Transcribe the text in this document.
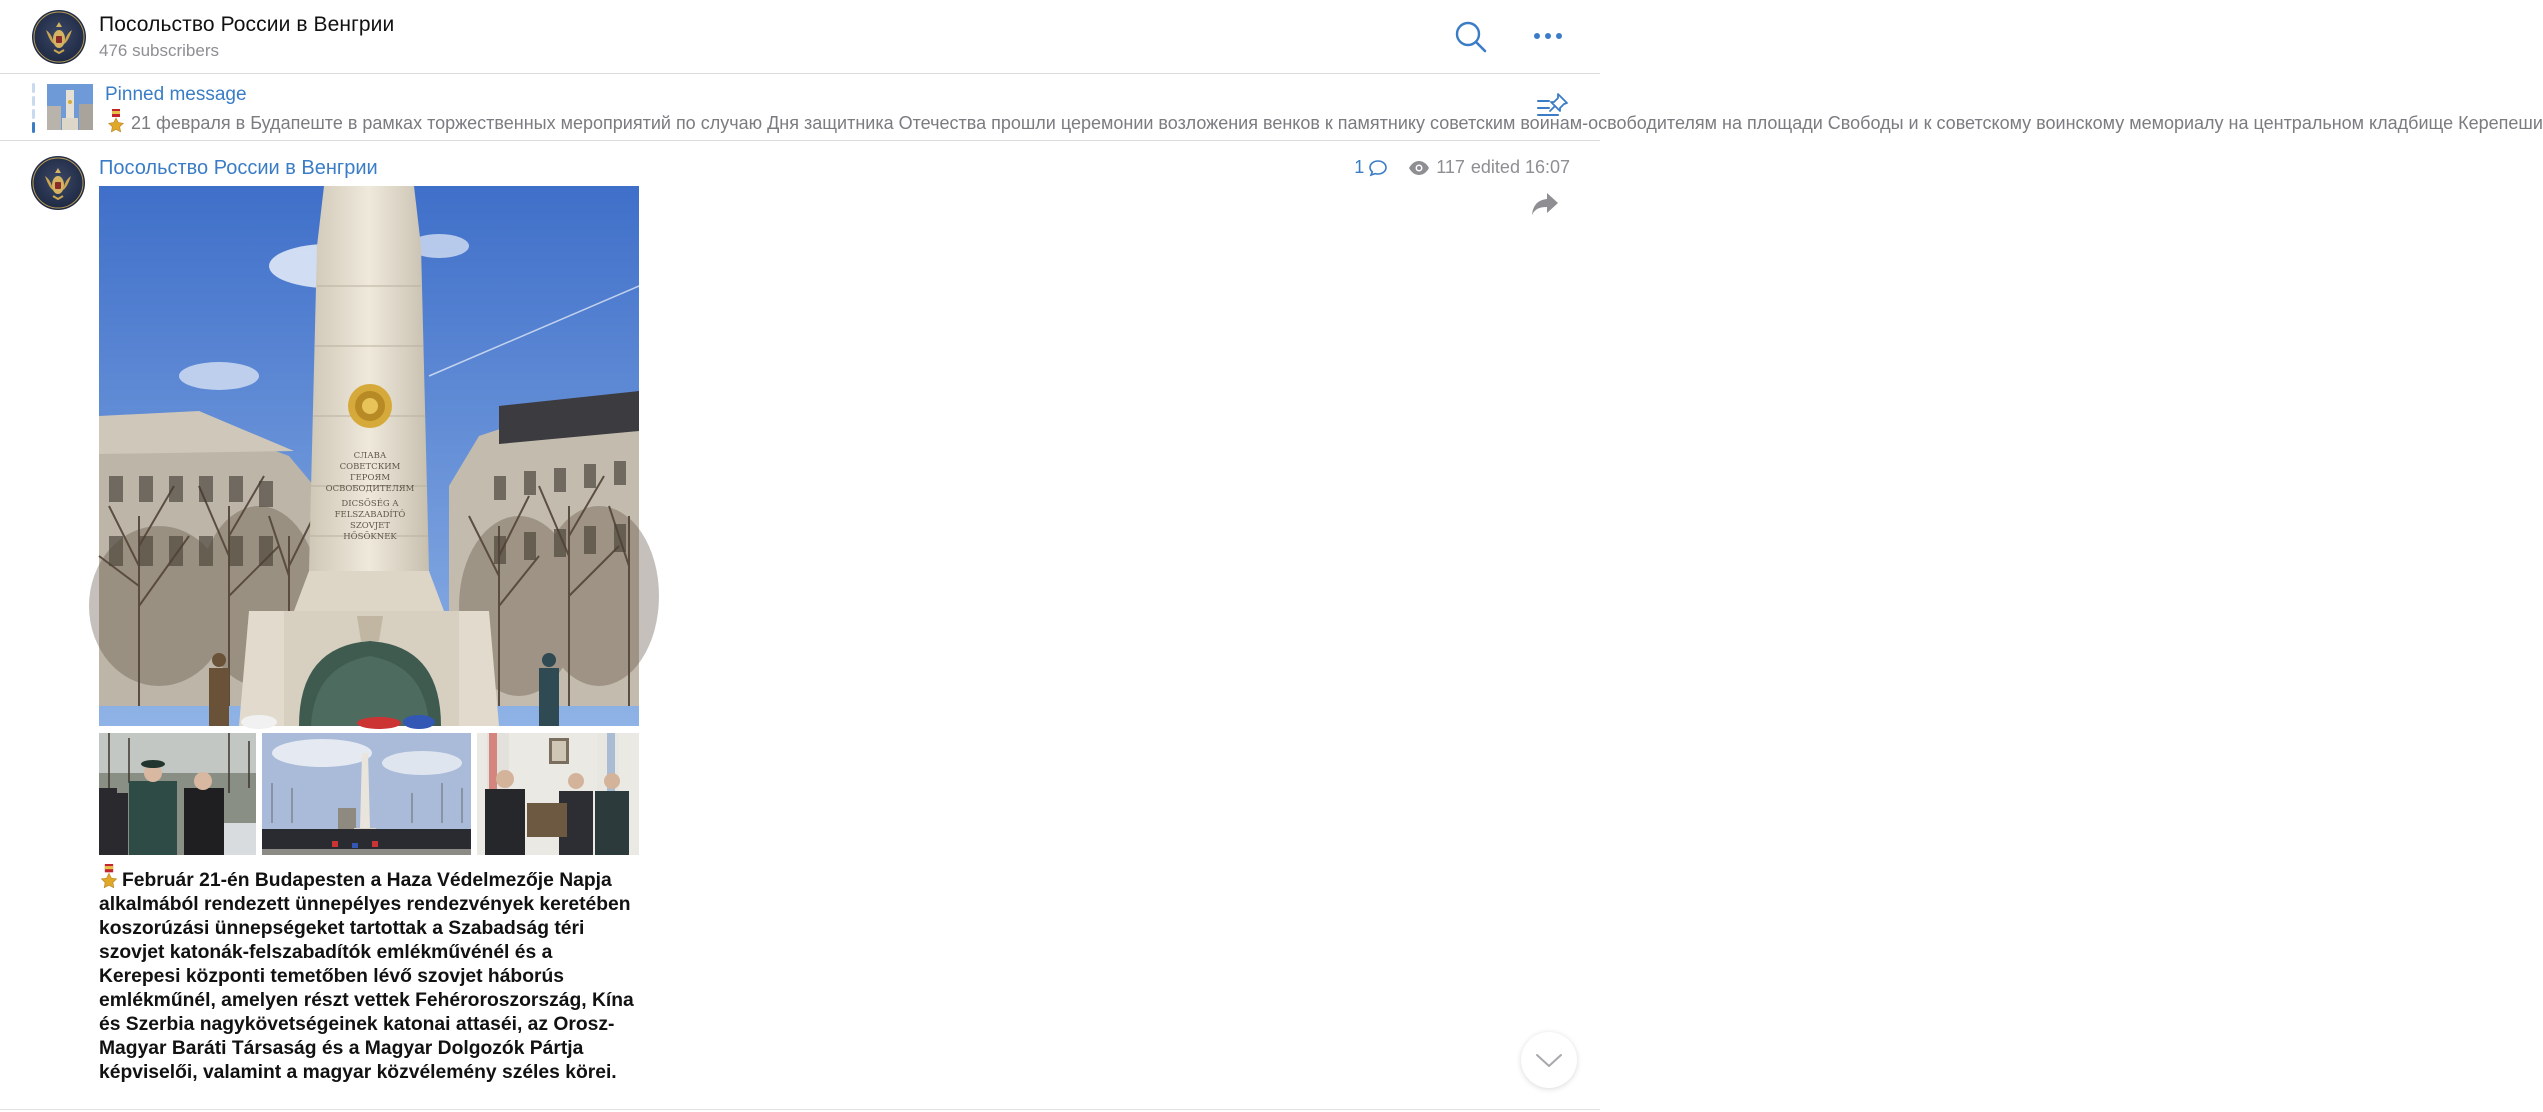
Посольство России в Венгрии
476 subscribers
Pinned message
21 февраля в Будапеште в рамках торжественных мероприятий по случаю Дня защитника Отечества прошли церемонии возложения венков к памятнику советским воинам-освободителям на площади Свободы и к советскому воинскому мемориалу на центральном кладбище Керепеши
Посольство России в Венгрии	1	117 edited 16:07
СЛАВА
СОВЕТСКИМ
ГЕРОЯМ
ОСВОБОДИТЕЛЯМ
DICSŐSÉG A
FELSZABADÍTÓ
SZOVJET
HŐSÖKNEK
Február 21-én Budapesten a Haza Védelmezője Napja alkalmából rendezett ünnepélyes rendezvények keretében koszorúzási ünnepségeket tartottak a Szabadság téri szovjet katonák-felszabadítók emlékművénél és a Kerepesi központi temetőben lévő szovjet háborús emlékműnél, amelyen részt vettek Fehéroroszország, Kína és Szerbia nagykövetségeinek katonai attaséi, az Orosz-Magyar Baráti Társaság és a Magyar Dolgozók Pártja képviselői, valamint a magyar közvélemény széles körei.
